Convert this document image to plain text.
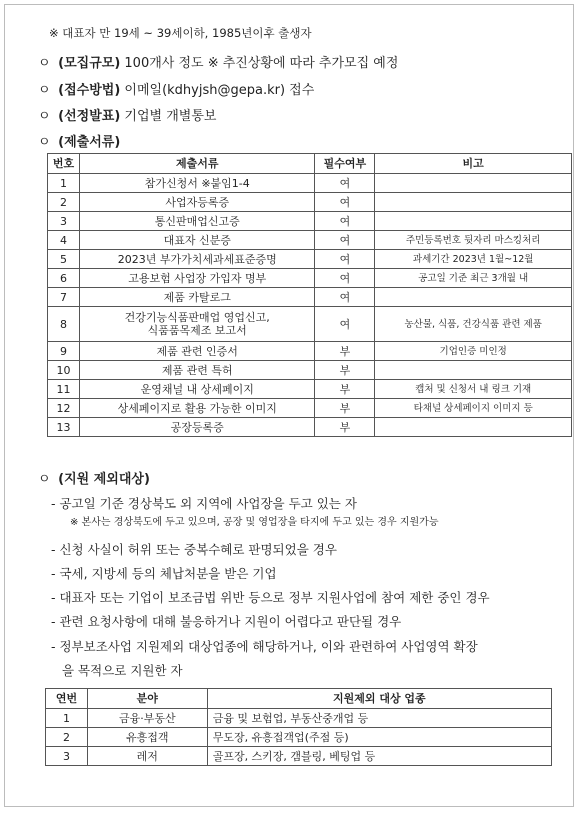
※ 대표자 만 19세 ~ 39세이하, 1985년이후 출생자
ㅇ (모집규모) 100개사 정도 ※ 추진상황에 따라 추가모집 예정
ㅇ (접수방법) 이메일(kdhyjsh@gepa.kr) 접수
ㅇ (선정발표) 기업별 개별통보
ㅇ (제출서류)
번호	제출서류	필수여부	비고
1	참가신청서 ※붙임1-4	여	
2	사업자등록증	여	
3	통신판매업신고증	여	
4	대표자 신분증	여	주민등록번호 뒷자리 마스킹처리
5	2023년 부가가치세과세표준증명	여	과세기간 2023년 1월~12월
6	고용보험 사업장 가입자 명부	여	공고일 기준 최근 3개월 내
7	제품 카탈로그	여	
8	건강기능식품판매업 영업신고,
식품품목제조 보고서	여	농산물, 식품, 건강식품 관련 제품
9	제품 관련 인증서	부	기업인증 미인정
10	제품 관련 특허	부	
11	운영채널 내 상세페이지	부	캡처 및 신청서 내 링크 기재
12	상세페이지로 활용 가능한 이미지	부	타채널 상세페이지 이미지 등
13	공장등록증	부	
ㅇ (지원 제외대상)
- 공고일 기준 경상북도 외 지역에 사업장을 두고 있는 자
※ 본사는 경상북도에 두고 있으며, 공장 및 영업장을 타지에 두고 있는 경우 지원가능
- 신청 사실이 허위 또는 중복수혜로 판명되었을 경우
- 국세, 지방세 등의 체납처분을 받은 기업
- 대표자 또는 기업이 보조금법 위반 등으로 정부 지원사업에 참여 제한 중인 경우
- 관련 요청사항에 대해 불응하거나 지원이 어렵다고 판단될 경우
- 정부보조사업 지원제외 대상업종에 해당하거나, 이와 관련하여 사업영역 확장
을 목적으로 지원한 자
연번	분야	지원제외 대상 업종
1	금융·부동산	금융 및 보험업, 부동산중개업 등
2	유흥접객	무도장, 유흥접객업(주점 등)
3	레저	골프장, 스키장, 갬블링, 베팅업 등
